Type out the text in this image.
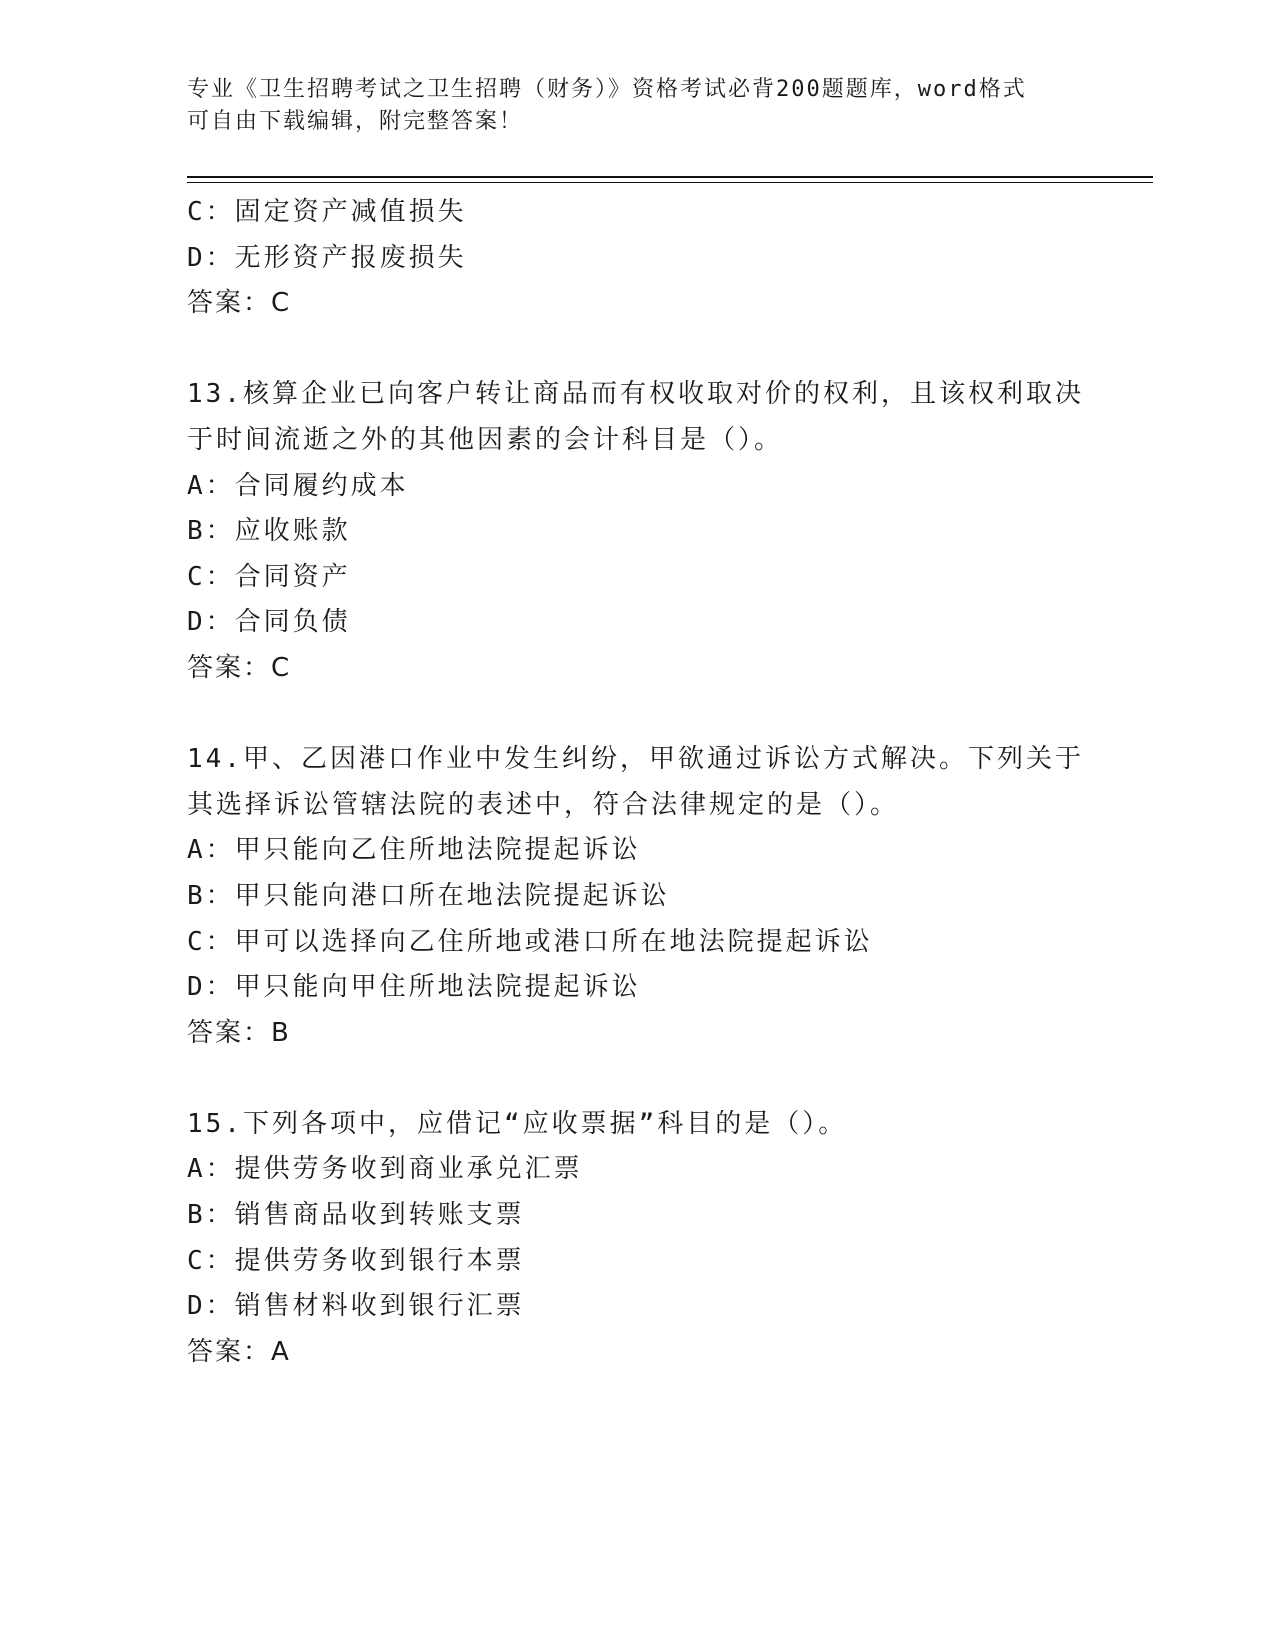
专业《卫生招聘考试之卫生招聘（财务）》资格考试必背200题题库，word格式
可自由下载编辑，附完整答案！
C：固定资产减值损失
D：无形资产报废损失
答案：C
13.核算企业已向客户转让商品而有权收取对价的权利，且该权利取决
于时间流逝之外的其他因素的会计科目是（）。
A：合同履约成本
B：应收账款
C：合同资产
D：合同负债
答案：C
14.甲、乙因港口作业中发生纠纷，甲欲通过诉讼方式解决。下列关于
其选择诉讼管辖法院的表述中，符合法律规定的是（）。
A：甲只能向乙住所地法院提起诉讼
B：甲只能向港口所在地法院提起诉讼
C：甲可以选择向乙住所地或港口所在地法院提起诉讼
D：甲只能向甲住所地法院提起诉讼
答案：B
15.下列各项中，应借记“应收票据”科目的是（）。
A：提供劳务收到商业承兑汇票
B：销售商品收到转账支票
C：提供劳务收到银行本票
D：销售材料收到银行汇票
答案：A
